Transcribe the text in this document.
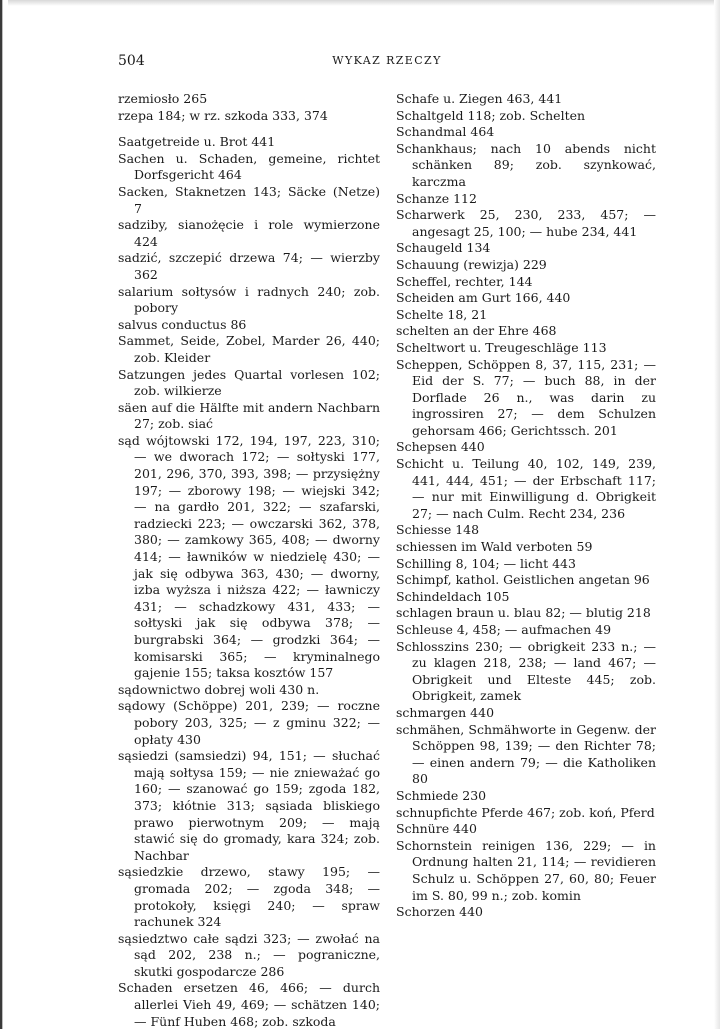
504	WYKAZ RZECZY
rzemiosło 265
rzepa 184; w rz. szkoda 333, 374
Saatgetreide u. Brot 441
Sachen u. Schaden, gemeine, richtet Dorfsgericht 464
Sacken, Staknetzen 143; Säcke (Netze) 7
sadziby, sianożęcie i role wymierzone 424
sadzić, szczepić drzewa 74; — wierzby 362
salarium sołtysów i radnych 240; zob. pobory
salvus conductus 86
Sammet, Seide, Zobel, Marder 26, 440; zob. Kleider
Satzungen jedes Quartal vorlesen 102; zob. wilkierze
säen auf die Hälfte mit andern Nachbarn 27; zob. siać
sąd wójtowski 172, 194, 197, 223, 310; — we dworach 172; — sołtyski 177, 201, 296, 370, 393, 398; — przysiężny 197; — zborowy 198; — wiejski 342; — na gardło 201, 322; — szafarski, radziecki 223; — owczarski 362, 378, 380; — zamkowy 365, 408; — dworny 414; — ławników w niedzielę 430; — jak się odbywa 363, 430; — dworny, izba wyższa i niższa 422; — ławniczy 431; — schadzkowy 431, 433; — sołtyski jak się odbywa 378; — burgrabski 364; — grodzki 364; — komisarski 365; — kryminalnego gajenie 155; taksa kosztów 157
sądownictwo dobrej woli 430 n.
sądowy (Schöppe) 201, 239; — roczne pobory 203, 325; — z gminu 322; — opłaty 430
sąsiedzi (samsiedzi) 94, 151; — słuchać mają sołtysa 159; — nie znieważać go 160; — szanować go 159; zgoda 182, 373; kłótnie 313; sąsiada bliskiego prawo pierwotnym 209; — mają stawić się do gromady, kara 324; zob. Nachbar
sąsiedzkie drzewo, stawy 195; — gromada 202; — zgoda 348; — protokoły, księgi 240; — spraw rachunek 324
sąsiedztwo całe sądzi 323; — zwołać na sąd 202, 238 n.; — pograniczne, skutki gospodarcze 286
Schaden ersetzen 46, 466; — durch allerlei Vieh 49, 469; — schätzen 140; — Fünf Huben 468; zob. szkoda
Schafe u. Ziegen 463, 441
Schaltgeld 118; zob. Schelten
Schandmal 464
Schankhaus; nach 10 abends nicht schänken 89; zob. szynkować, karczma
Schanze 112
Scharwerk 25, 230, 233, 457; — angesagt 25, 100; — hube 234, 441
Schaugeld 134
Schauung (rewizja) 229
Scheffel, rechter, 144
Scheiden am Gurt 166, 440
Schelte 18, 21
schelten an der Ehre 468
Scheltwort u. Treugeschläge 113
Scheppen, Schöppen 8, 37, 115, 231; — Eid der S. 77; — buch 88, in der Dorflade 26 n., was darin zu ingrossiren 27; — dem Schulzen gehorsam 466; Gerichtssch. 201
Schepsen 440
Schicht u. Teilung 40, 102, 149, 239, 441, 444, 451; — der Erbschaft 117; — nur mit Einwilligung d. Obrigkeit 27; — nach Culm. Recht 234, 236
Schiesse 148
schiessen im Wald verboten 59
Schilling 8, 104; — licht 443
Schimpf, kathol. Geistlichen angetan 96
Schindeldach 105
schlagen braun u. blau 82; — blutig 218
Schleuse 4, 458; — aufmachen 49
Schlosszins 230; — obrigkeit 233 n.; — zu klagen 218, 238; — land 467; — Obrigkeit und Elteste 445; zob. Obrigkeit, zamek
schmargen 440
schmähen, Schmähworte in Gegenw. der Schöppen 98, 139; — den Richter 78; — einen andern 79; — die Katholiken 80
Schmiede 230
schnupfichte Pferde 467; zob. koń, Pferd
Schnüre 440
Schornstein reinigen 136, 229; — in Ordnung halten 21, 114; — revidieren Schulz u. Schöppen 27, 60, 80; Feuer im S. 80, 99 n.; zob. komin
Schorzen 440
